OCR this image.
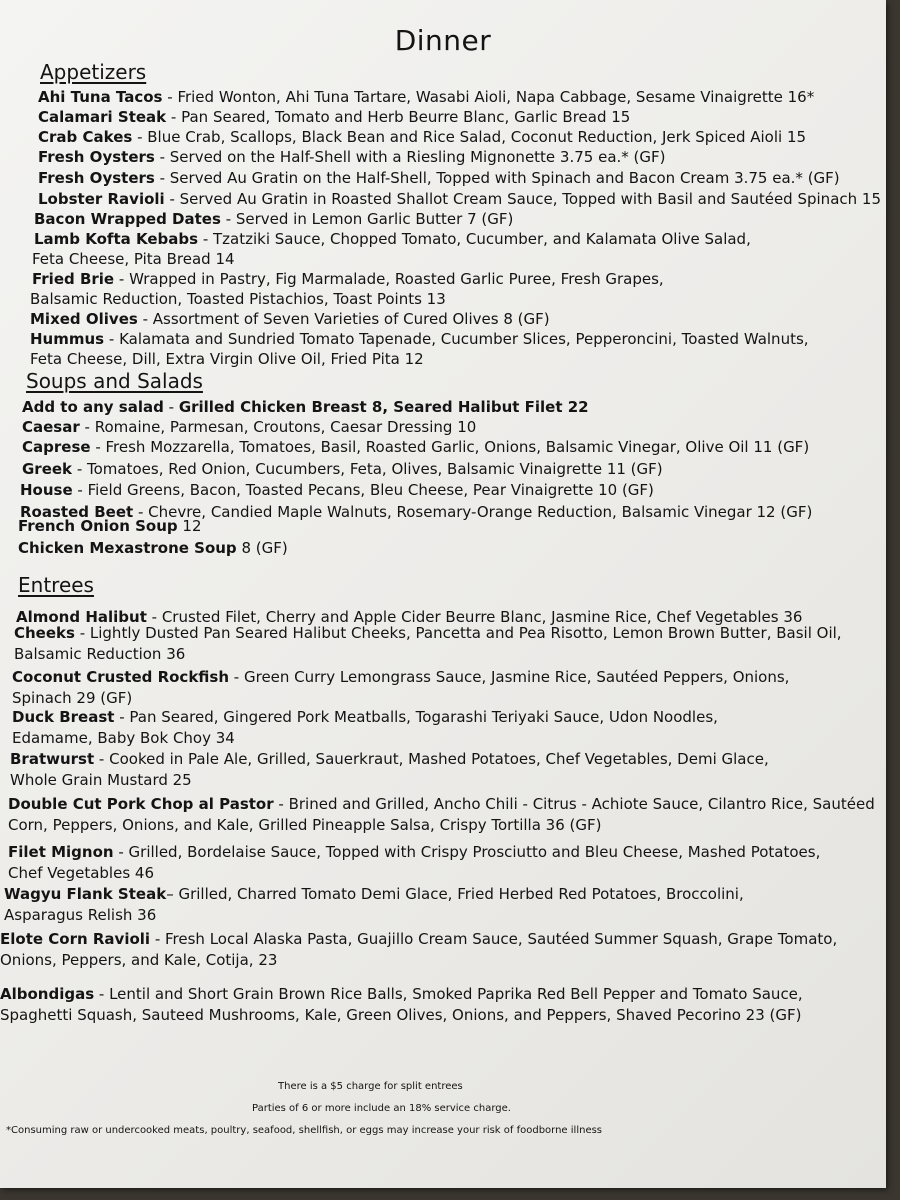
Dinner
Appetizers
Ahi Tuna Tacos - Fried Wonton, Ahi Tuna Tartare, Wasabi Aioli, Napa Cabbage, Sesame Vinaigrette 16*
Calamari Steak - Pan Seared, Tomato and Herb Beurre Blanc, Garlic Bread 15
Crab Cakes - Blue Crab, Scallops, Black Bean and Rice Salad, Coconut Reduction, Jerk Spiced Aioli 15
Fresh Oysters - Served on the Half-Shell with a Riesling Mignonette 3.75 ea.* (GF)
Fresh Oysters - Served Au Gratin on the Half-Shell, Topped with Spinach and Bacon Cream 3.75 ea.* (GF)
Lobster Ravioli - Served Au Gratin in Roasted Shallot Cream Sauce, Topped with Basil and Sautéed Spinach 15
Bacon Wrapped Dates - Served in Lemon Garlic Butter 7 (GF)
Lamb Kofta Kebabs - Tzatziki Sauce, Chopped Tomato, Cucumber, and Kalamata Olive Salad,
Feta Cheese, Pita Bread 14
Fried Brie - Wrapped in Pastry, Fig Marmalade, Roasted Garlic Puree, Fresh Grapes,
Balsamic Reduction, Toasted Pistachios, Toast Points 13
Mixed Olives - Assortment of Seven Varieties of Cured Olives 8 (GF)
Hummus - Kalamata and Sundried Tomato Tapenade, Cucumber Slices, Pepperoncini, Toasted Walnuts,
Feta Cheese, Dill, Extra Virgin Olive Oil, Fried Pita 12
Soups and Salads
Add to any salad - Grilled Chicken Breast 8, Seared Halibut Filet 22
Caesar - Romaine, Parmesan, Croutons, Caesar Dressing 10
Caprese - Fresh Mozzarella, Tomatoes, Basil, Roasted Garlic, Onions, Balsamic Vinegar, Olive Oil 11 (GF)
Greek - Tomatoes, Red Onion, Cucumbers, Feta, Olives, Balsamic Vinaigrette 11 (GF)
House - Field Greens, Bacon, Toasted Pecans, Bleu Cheese, Pear Vinaigrette 10 (GF)
Roasted Beet - Chevre, Candied Maple Walnuts, Rosemary-Orange Reduction, Balsamic Vinegar 12 (GF)
French Onion Soup 12
Chicken Mexastrone Soup 8 (GF)
Entrees
Almond Halibut - Crusted Filet, Cherry and Apple Cider Beurre Blanc, Jasmine Rice, Chef Vegetables 36
Cheeks - Lightly Dusted Pan Seared Halibut Cheeks, Pancetta and Pea Risotto, Lemon Brown Butter, Basil Oil,
Balsamic Reduction 36
Coconut Crusted Rockfish - Green Curry Lemongrass Sauce, Jasmine Rice, Sautéed Peppers, Onions,
Spinach 29 (GF)
Duck Breast - Pan Seared, Gingered Pork Meatballs, Togarashi Teriyaki Sauce, Udon Noodles,
Edamame, Baby Bok Choy 34
Bratwurst - Cooked in Pale Ale, Grilled, Sauerkraut, Mashed Potatoes, Chef Vegetables, Demi Glace,
Whole Grain Mustard 25
Double Cut Pork Chop al Pastor - Brined and Grilled, Ancho Chili - Citrus - Achiote Sauce, Cilantro Rice, Sautéed
Corn, Peppers, Onions, and Kale, Grilled Pineapple Salsa, Crispy Tortilla 36 (GF)
Filet Mignon - Grilled, Bordelaise Sauce, Topped with Crispy Prosciutto and Bleu Cheese, Mashed Potatoes,
Chef Vegetables 46
Wagyu Flank Steak– Grilled, Charred Tomato Demi Glace, Fried Herbed Red Potatoes, Broccolini,
Asparagus Relish 36
Elote Corn Ravioli - Fresh Local Alaska Pasta, Guajillo Cream Sauce, Sautéed Summer Squash, Grape Tomato,
Onions, Peppers, and Kale, Cotija, 23
Albondigas - Lentil and Short Grain Brown Rice Balls, Smoked Paprika Red Bell Pepper and Tomato Sauce,
Spaghetti Squash, Sauteed Mushrooms, Kale, Green Olives, Onions, and Peppers, Shaved Pecorino 23 (GF)
There is a $5 charge for split entrees
Parties of 6 or more include an 18% service charge.
*Consuming raw or undercooked meats, poultry, seafood, shellfish, or eggs may increase your risk of foodborne illness
